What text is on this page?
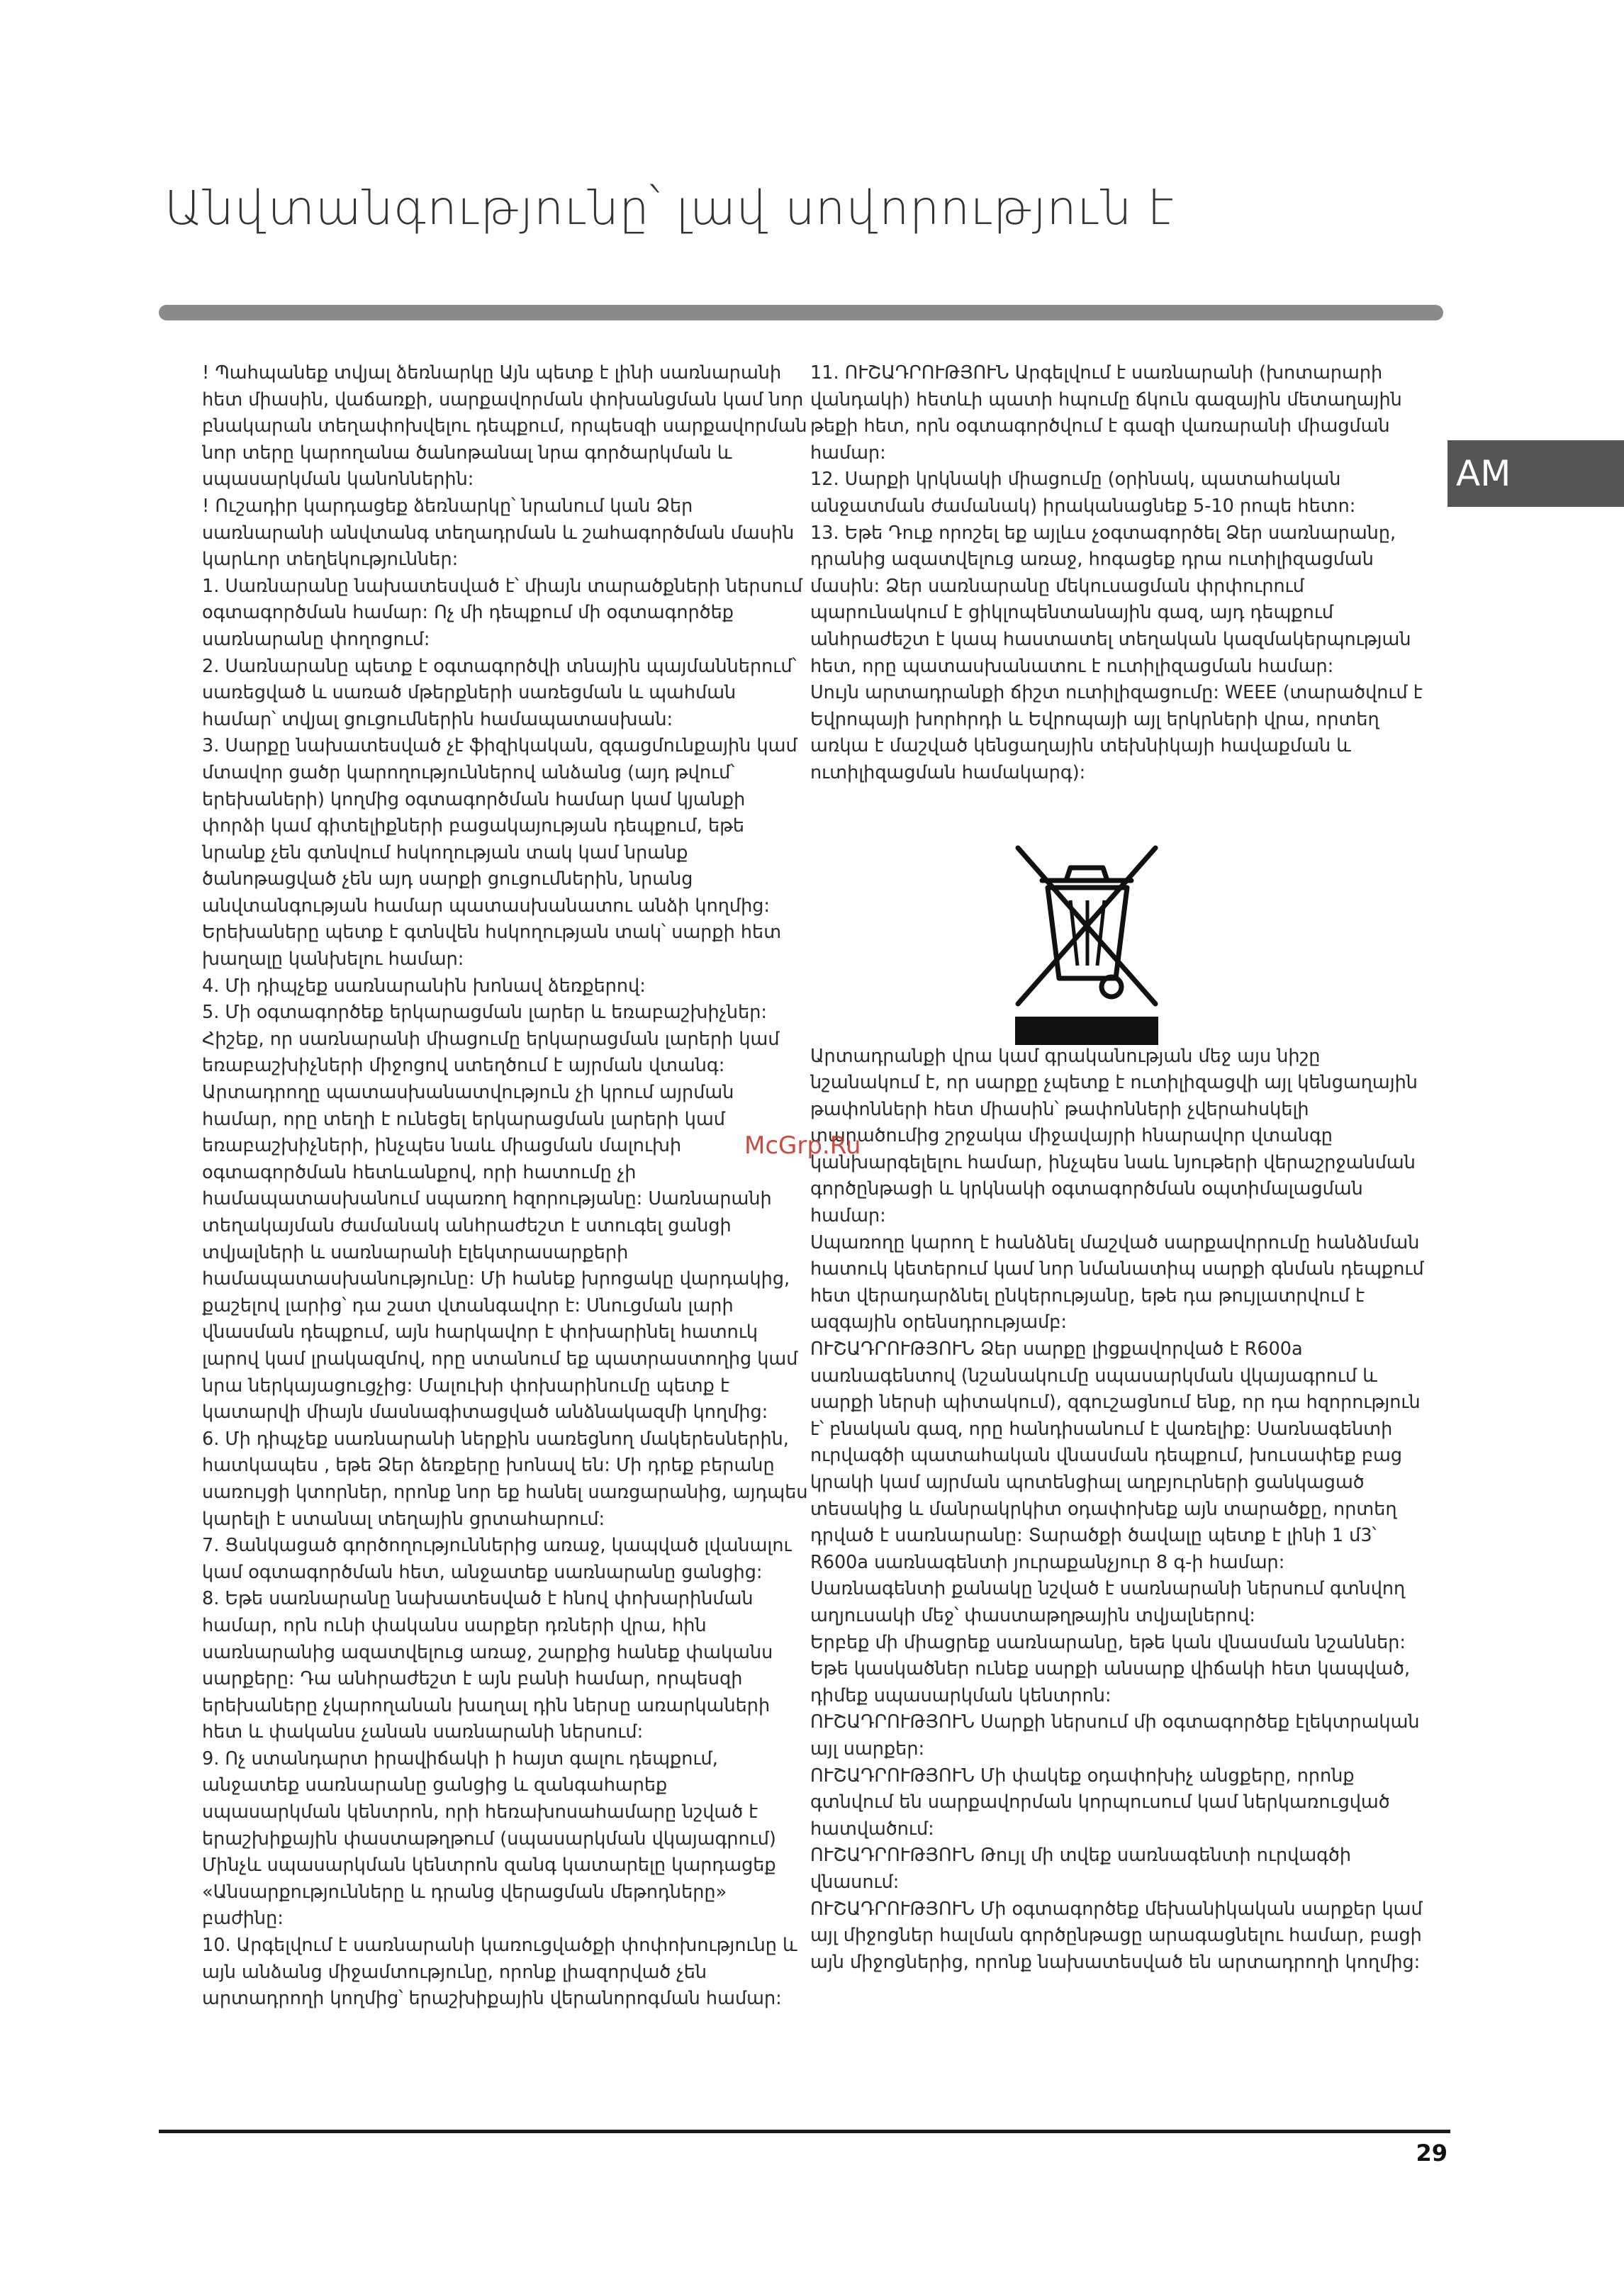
Անվտանգությունը՝ լավ սովորություն է
AM

! Պահպանեք տվյալ ձեռնարկը Այն պետք է լինի սառնարանի հետ միասին, վաճառքի, սարքավորման փոխանցման կամ նոր բնակարան տեղափոխվելու դեպքում, որպեսզի սարքավորման նոր տերը կարողանա ծանոթանալ նրա գործարկման և սպասարկման կանոններին:

! Ուշադիր կարդացեք ձեռնարկը՝ նրանում կան Ձեր սառնարանի անվտանգ տեղադրման և շահագործման մասին կարևոր տեղեկություններ:

1. Սառնարանը նախատեսված է՝ միայն տարածքների ներսում օգտագործման համար: Ոչ մի դեպքում մի օգտագործեք սառնարանը փողոցում:

2. Սառնարանը պետք է օգտագործվի տնային պայմաններում՝ սառեցված և սառած մթերքների սառեցման և պահման համար՝ տվյալ ցուցումներին համապատասխան:

3. Սարքը նախատեսված չէ ֆիզիկական, զգացմունքային կամ մտավոր ցածր կարողություններով անձանց (այդ թվում՝ երեխաների) կողմից օգտագործման համար կամ կյանքի փորձի կամ գիտելիքների բացակայության դեպքում, եթե նրանք չեն գտնվում հսկողության տակ կամ նրանք ծանոթացված չեն այդ սարքի ցուցումներին, նրանց անվտանգության համար պատասխանատու անձի կողմից: Երեխաները պետք է գտնվեն հսկողության տակ՝ սարքի հետ խաղալը կանխելու համար:

4. Մի դիպչեք սառնարանին խոնավ ձեռքերով:

5. Մի օգտագործեք երկարացման լարեր և եռաբաշխիչներ: Հիշեք, որ սառնարանի միացումը երկարացման լարերի կամ եռաբաշխիչների միջոցով ստեղծում է այրման վտանգ: Արտադրողը պատասխանատվություն չի կրում այրման համար, որը տեղի է ունեցել երկարացման լարերի կամ եռաբաշխիչների, ինչպես նաև միացման մալուխի օգտագործման հետևանքով, որի հատումը չի համապատասխանում սպառող հզորությանը: Սառնարանի տեղակայման ժամանակ անհրաժեշտ է ստուգել ցանցի տվյալների և սառնարանի էլեկտրասարքերի համապատասխանությունը: Մի հանեք խրոցակը վարդակից, քաշելով լարից՝ դա շատ վտանգավոր է: Սնուցման լարի վնասման դեպքում, այն հարկավոր է փոխարինել հատուկ լարով կամ լրակազմով, որը ստանում եք պատրաստողից կամ նրա ներկայացուցչից: Մալուխի փոխարինումը պետք է կատարվի միայն մասնագիտացված անձնակազմի կողմից:

6. Մի դիպչեք սառնարանի ներքին սառեցնող մակերեսներին, հատկապես , եթե Ձեր ձեռքերը խոնավ են: Մի դրեք բերանը սառույցի կտորներ, որոնք նոր եք հանել սառցարանից, այդպես կարելի է ստանալ տեղային ցրտահարում:

7. Ցանկացած գործողություններից առաջ, կապված լվանալու կամ օգտագործման հետ, անջատեք սառնարանը ցանցից:

8. Եթե սառնարանը նախատեսված է հնով փոխարինման համար, որն ունի փականս սարքեր դռների վրա, հին սառնարանից ազատվելուց առաջ, շարքից հանեք փականս սարքերը: Դա անհրաժեշտ է այն բանի համար, որպեսզի երեխաները չկարողանան խաղալ դին ներսը առարկաների հետ և փականս չանան սառնարանի ներսում:

9. Ոչ ստանդարտ իրավիճակի ի հայտ գալու դեպքում, անջատեք սառնարանը ցանցից և զանգահարեք սպասարկման կենտրոն, որի հեռախոսահամարը նշված է երաշխիքային փաստաթղթում (սպասարկման վկայագրում) Մինչև սպասարկման կենտրոն զանգ կատարելը կարդացեք «Անսարքությունները և դրանց վերացման մեթոդները» բաժինը:

10. Արգելվում է սառնարանի կառուցվածքի փոփոխությունը և այն անձանց միջամտությունը, որոնք լիազորված չեն արտադրողի կողմից՝ երաշխիքային վերանորոգման համար:

11. ՈՒՇԱԴՐՈՒԹՅՈՒՆ Արգելվում է սառնարանի (խոտարարի վանդակի) հետևի պատի հպումը ճկուն գազային մետաղային թեքի հետ, որն օգտագործվում է գազի վառարանի միացման համար:

12. Սարքի կրկնակի միացումը (օրինակ, պատահական անջատման ժամանակ) իրականացնեք 5-10 րոպե հետո:

13. Եթե Դուք որոշել եք այլևս չօգտագործել Ձեր սառնարանը, դրանից ազատվելուց առաջ, հոգացեք դրա ուտիլիզացման մասին: Ձեր սառնարանը մեկուսացման փրփուրում պարունակում է ցիկլոպենտանային գազ, այդ դեպքում անհրաժեշտ է կապ հաստատել տեղական կազմակերպության հետ, որը պատասխանատու է ուտիլիզացման համար:

Սույն արտադրանքի ճիշտ ուտիլիզացումը: WEEE (տարածվում է Եվրոպայի խորհրդի և Եվրոպայի այլ երկրների վրա, որտեղ առկա է մաշված կենցաղային տեխնիկայի հավաքման և ուտիլիզացման համակարգ):

Արտադրանքի վրա կամ գրականության մեջ այս նիշը նշանակում է, որ սարքը չպետք է ուտիլիզացվի այլ կենցաղային թափոնների հետ միասին՝ թափոնների չվերահսկելի տարածումից շրջակա միջավայրի հնարավոր վտանգը կանխարգելելու համար, ինչպես նաև նյութերի վերաշրջանման գործընթացի և կրկնակի օգտագործման օպտիմալացման համար:

Սպառողը կարող է հանձնել մաշված սարքավորումը հանձնման հատուկ կետերում կամ նոր նմանատիպ սարքի գնման դեպքում հետ վերադարձնել ընկերությանը, եթե դա թույլատրվում է ազգային օրենսդրությամբ:

ՈՒՇԱԴՐՈՒԹՅՈՒՆ Ձեր սարքը լիցքավորված է R600a սառնագենտով (նշանակումը սպասարկման վկայագրում և սարքի ներսի պիտակում), զգուշացնում ենք, որ դա հզորություն է՝ բնական գազ, որը հանդիսանում է վառելիք: Սառնագենտի ուրվագծի պատահական վնասման դեպքում, խուսափեք բաց կրակի կամ այրման պոտենցիալ աղբյուրների ցանկացած տեսակից և մանրակրկիտ օդափոխեք այն տարածքը, որտեղ դրված է սառնարանը: Տարածքի ծավալը պետք է լինի 1 մ3՝ R600a սառնագենտի յուրաքանչյուր 8 գ-ի համար: Սառնագենտի քանակը նշված է սառնարանի ներսում գտնվող աղյուսակի մեջ՝ փաստաթղթային տվյալներով:

Երբեք մի միացրեք սառնարանը, եթե կան վնասման նշաններ: Եթե կասկածներ ունեք սարքի անսարք վիճակի հետ կապված, դիմեք սպասարկման կենտրոն:

ՈՒՇԱԴՐՈՒԹՅՈՒՆ Սարքի ներսում մի օգտագործեք էլեկտրական այլ սարքեր:

ՈՒՇԱԴՐՈՒԹՅՈՒՆ Մի փակեք օդափոխիչ անցքերը, որոնք գտնվում են սարքավորման կորպուսում կամ ներկառուցված հատվածում:

ՈՒՇԱԴՐՈՒԹՅՈՒՆ Թույլ մի տվեք սառնագենտի ուրվագծի վնասում:

ՈՒՇԱԴՐՈՒԹՅՈՒՆ Մի օգտագործեք մեխանիկական սարքեր կամ այլ միջոցներ հալման գործընթացը արագացնելու համար, բացի այն միջոցներից, որոնք նախատեսված են արտադրողի կողմից:

McGrp.Ru
29
